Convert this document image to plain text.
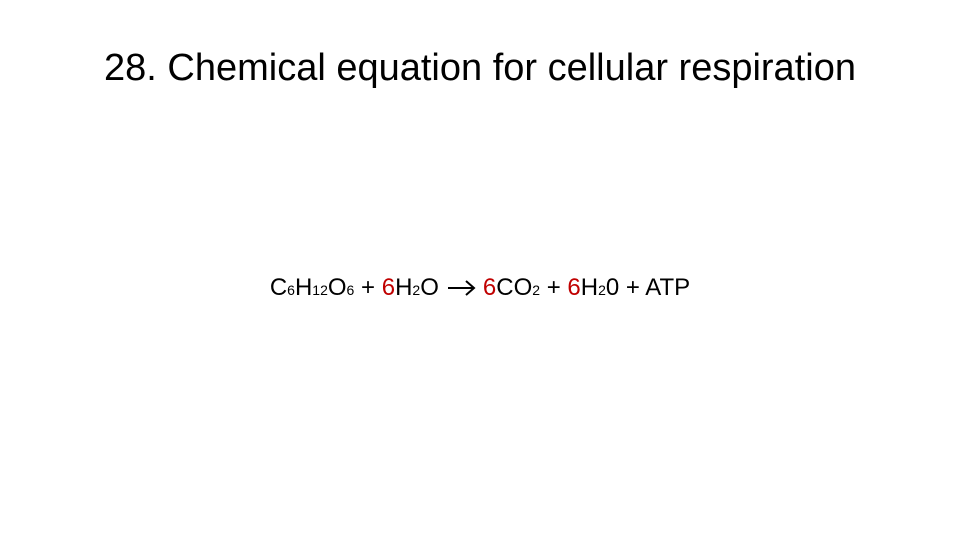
28. Chemical equation for cellular respiration
C6H12O6 + 6H2O 6CO2 + 6H20 + ATP
